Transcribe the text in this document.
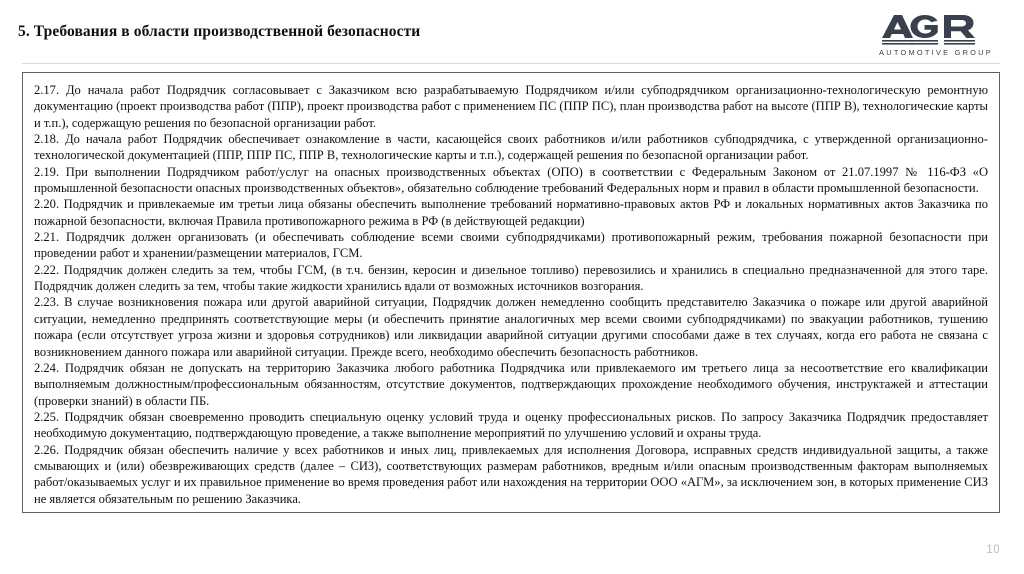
5. Требования в области производственной безопасности
AUTOMOTIVE GROUP

2.17. До начала работ Подрядчик согласовывает с Заказчиком всю разрабатываемую Подрядчиком и/или субподрядчиком организационно-технологическую ремонтную документацию (проект производства работ (ППР), проект производства работ с применением ПС (ППР ПС), план производства работ на высоте (ППР В), технологические карты и т.п.), содержащую решения по безопасной организации работ.

2.18. До начала работ Подрядчик обеспечивает ознакомление в части, касающейся своих работников и/или работников субподрядчика, с утвержденной организационно-технологической документацией (ППР, ППР ПС, ППР В, технологические карты и т.п.), содержащей решения по безопасной организации работ.

2.19. При выполнении Подрядчиком работ/услуг на опасных производственных объектах (ОПО) в соответствии с Федеральным Законом от 21.07.1997 № 116-ФЗ «О промышленной безопасности опасных производственных объектов», обязательно соблюдение требований Федеральных норм и правил в области промышленной безопасности.

2.20. Подрядчик и привлекаемые им третьи лица обязаны обеспечить выполнение требований нормативно-правовых актов РФ и локальных нормативных актов Заказчика по пожарной безопасности, включая Правила противопожарного режима в РФ (в действующей редакции)

2.21. Подрядчик должен организовать (и обеспечивать соблюдение всеми своими субподрядчиками) противопожарный режим, требования пожарной безопасности при проведении работ и хранении/размещении материалов, ГСМ.

2.22. Подрядчик должен следить за тем, чтобы ГСМ, (в т.ч. бензин, керосин и дизельное топливо) перевозились и хранились в специально предназначенной для этого таре. Подрядчик должен следить за тем, чтобы такие жидкости хранились вдали от возможных источников возгорания.

2.23. В случае возникновения пожара или другой аварийной ситуации, Подрядчик должен немедленно сообщить представителю Заказчика о пожаре или другой аварийной ситуации, немедленно предпринять соответствующие меры (и обеспечить принятие аналогичных мер всеми своими субподрядчиками) по эвакуации работников, тушению пожара (если отсутствует угроза жизни и здоровья сотрудников) или ликвидации аварийной ситуации другими способами даже в тех случаях, когда его работа не связана с возникновением данного пожара или аварийной ситуации. Прежде всего, необходимо обеспечить безопасность работников.

2.24. Подрядчик обязан не допускать на территорию Заказчика любого работника Подрядчика или привлекаемого им третьего лица за несоответствие его квалификации выполняемым должностным/профессиональным обязанностям, отсутствие документов, подтверждающих прохождение необходимого обучения, инструктажей и аттестации (проверки знаний) в области ПБ.

2.25. Подрядчик обязан своевременно проводить специальную оценку условий труда и оценку профессиональных рисков. По запросу Заказчика Подрядчик предоставляет необходимую документацию, подтверждающую проведение, а также выполнение мероприятий по улучшению условий и охраны труда.

2.26. Подрядчик обязан обеспечить наличие у всех работников и иных лиц, привлекаемых для исполнения Договора, исправных средств индивидуальной защиты, а также смывающих и (или) обезвреживающих средств (далее – СИЗ), соответствующих размерам работников, вредным и/или опасным производственным факторам выполняемых работ/оказываемых услуг и их правильное применение во время проведения работ или нахождения на территории ООО «АГМ», за исключением зон, в которых применение СИЗ не является обязательным по решению Заказчика.

10
